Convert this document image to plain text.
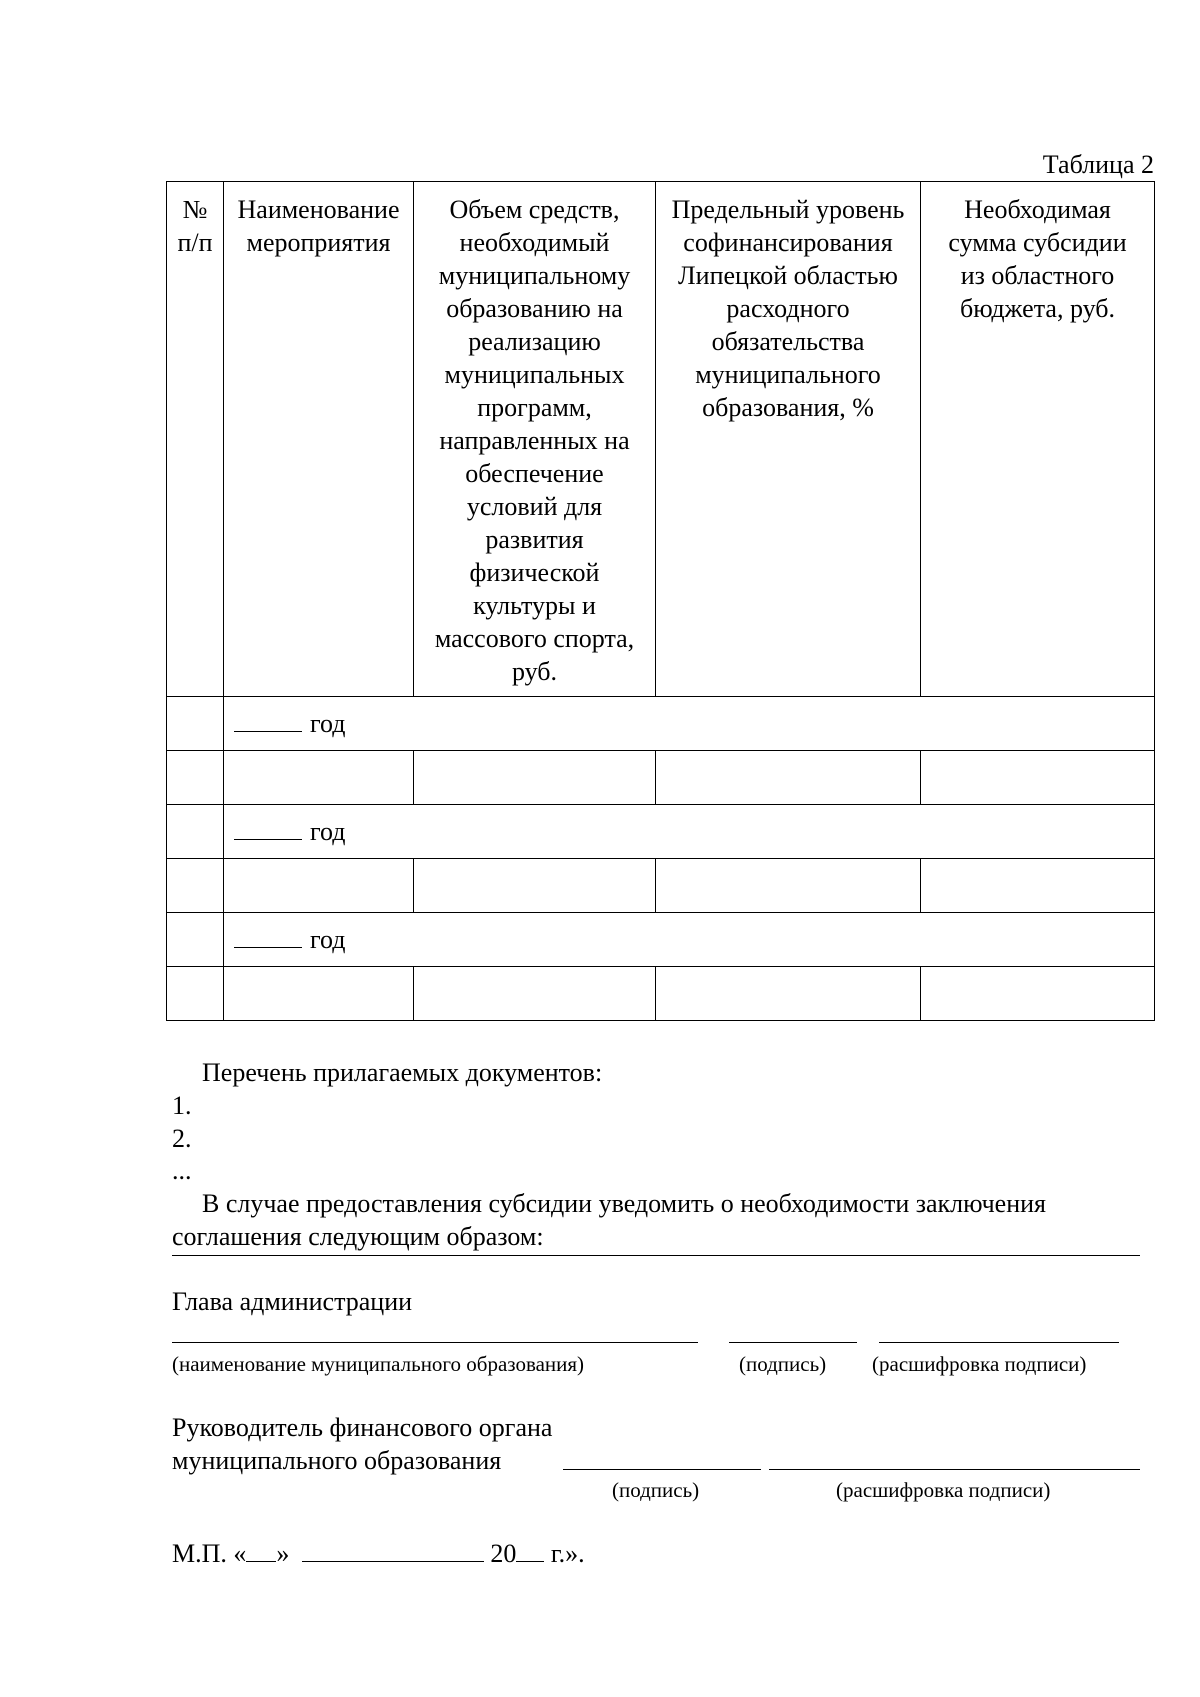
Таблица 2
№ п/п	Наименование мероприятия	Объем средств, необходимый муниципальному образованию на реализацию муниципальных программ, направленных на обеспечение условий для развития физической культуры и массового спорта, руб.	Предельный уровень софинансирования Липецкой областью расходного обязательства муниципального образования, %	Необходимая сумма субсидии из областного бюджета, руб.
	год			

	год			

	год			

Перечень прилагаемых документов:
1.
2.
...
В случае предоставления субсидии уведомить о необходимости заключения соглашения следующим образом:
Глава администрации
(наименование муниципального образования)	(подпись) (расшифровка подписи)
Руководитель финансового органа
муниципального образования
(подпись)	(расшифровка подписи)
М.П. « »	20 г.».
